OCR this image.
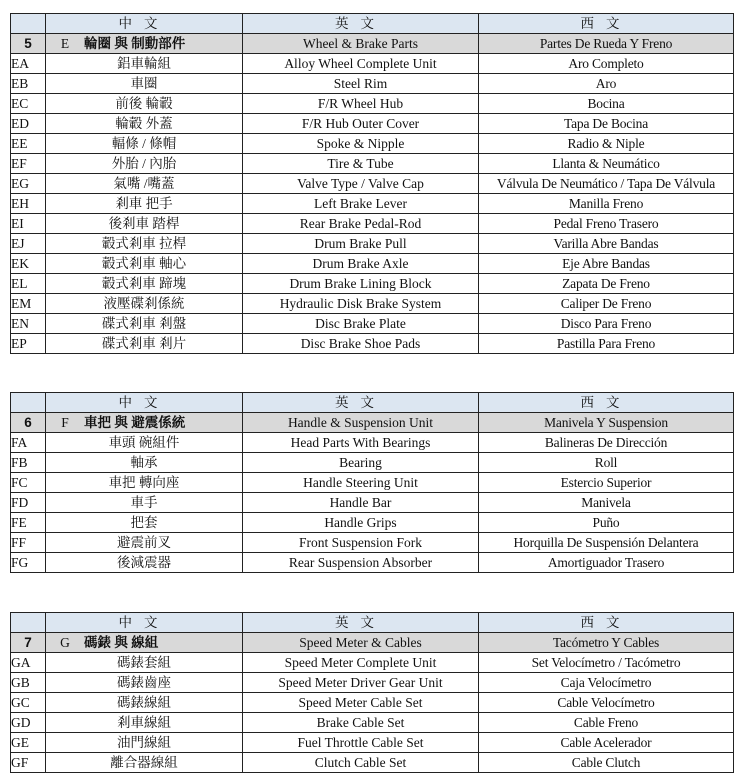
	中文	英文	西文
5	E 輪圈 與 制動部件	Wheel & Brake Parts	Partes De Rueda Y Freno
EA	鋁車輪組	Alloy Wheel Complete Unit	Aro Completo
EB	車圈	Steel Rim	Aro
EC	前後 輪轂	F/R Wheel Hub	Bocina
ED	輪轂 外蓋	F/R Hub Outer Cover	Tapa De Bocina
EE	輻條 / 條帽	Spoke & Nipple	Radio & Niple
EF	外胎 / 內胎	Tire & Tube	Llanta & Neumático
EG	氣嘴 /嘴蓋	Valve Type / Valve Cap	Válvula De Neumático / Tapa De Válvula
EH	剎車 把手	Left Brake Lever	Manilla Freno
EI	後剎車 踏桿	Rear Brake Pedal-Rod	Pedal Freno Trasero
EJ	轂式剎車 拉桿	Drum Brake Pull	Varilla Abre Bandas
EK	轂式剎車 軸心	Drum Brake Axle	Eje Abre Bandas
EL	轂式剎車 蹄塊	Drum Brake Lining Block	Zapata De Freno
EM	液壓碟剎係統	Hydraulic Disk Brake System	Caliper De Freno
EN	碟式剎車 剎盤	Disc Brake Plate	Disco Para Freno
EP	碟式剎車 剎片	Disc Brake Shoe Pads	Pastilla Para Freno
	中文	英文	西文
6	F 車把 與 避震係統	Handle & Suspension Unit	Manivela Y Suspension
FA	車頭 碗組件	Head Parts With Bearings	Balineras De Dirección
FB	軸承	Bearing	Roll
FC	車把 轉向座	Handle Steering Unit	Estercio Superior
FD	車手	Handle Bar	Manivela
FE	把套	Handle Grips	Puño
FF	避震前叉	Front Suspension Fork	Horquilla De Suspensión Delantera
FG	後減震器	Rear Suspension Absorber	Amortiguador Trasero
	中文	英文	西文
7	G 碼錶 與 線組	Speed Meter & Cables	Tacómetro Y Cables
GA	碼錶套組	Speed Meter Complete Unit	Set Velocímetro / Tacómetro
GB	碼錶齒座	Speed Meter Driver Gear Unit	Caja Velocímetro
GC	碼錶線組	Speed Meter Cable Set	Cable Velocímetro
GD	剎車線組	Brake Cable Set	Cable Freno
GE	油門線組	Fuel Throttle Cable Set	Cable Acelerador
GF	離合器線組	Clutch Cable Set	Cable Clutch
